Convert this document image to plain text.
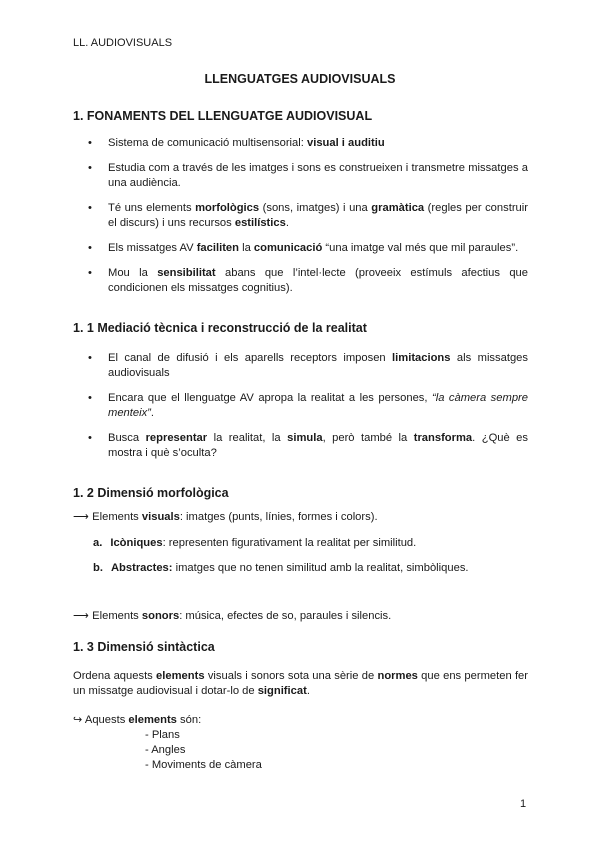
LL. AUDIOVISUALS
LLENGUATGES AUDIOVISUALS
1. FONAMENTS DEL LLENGUATGE AUDIOVISUAL
• Sistema de comunicació multisensorial: visual i auditiu
• Estudia com a través de les imatges i sons es construeixen i transmetre missatges a una audiència.
• Té uns elements morfològics (sons, imatges) i una gramàtica (regles per construir el discurs) i uns recursos estilístics.
• Els missatges AV faciliten la comunicació “una imatge val més que mil paraules”.
• Mou la sensibilitat abans que l’intel·lecte (proveeix estímuls afectius que condicionen els missatges cognitius).
1. 1 Mediació tècnica i reconstrucció de la realitat
• El canal de difusió i els aparells receptors imposen limitacions als missatges audiovisuals
• Encara que el llenguatge AV apropa la realitat a les persones, “la càmera sempre menteix”.
• Busca representar la realitat, la simula, però també la transforma. ¿Què es mostra i què s’oculta?
1. 2 Dimensió morfològica
⟶ Elements visuals: imatges (punts, línies, formes i colors).
a. Icòniques: representen figurativament la realitat per similitud.
b. Abstractes: imatges que no tenen similitud amb la realitat, simbòliques.
⟶ Elements sonors: música, efectes de so, paraules i silencis.
1. 3 Dimensió sintàctica
Ordena aquests elements visuals i sonors sota una sèrie de normes que ens permeten fer un missatge audiovisual i dotar-lo de significat.
↪ Aquests elements són:
- Plans
- Angles
- Moviments de càmera
1
